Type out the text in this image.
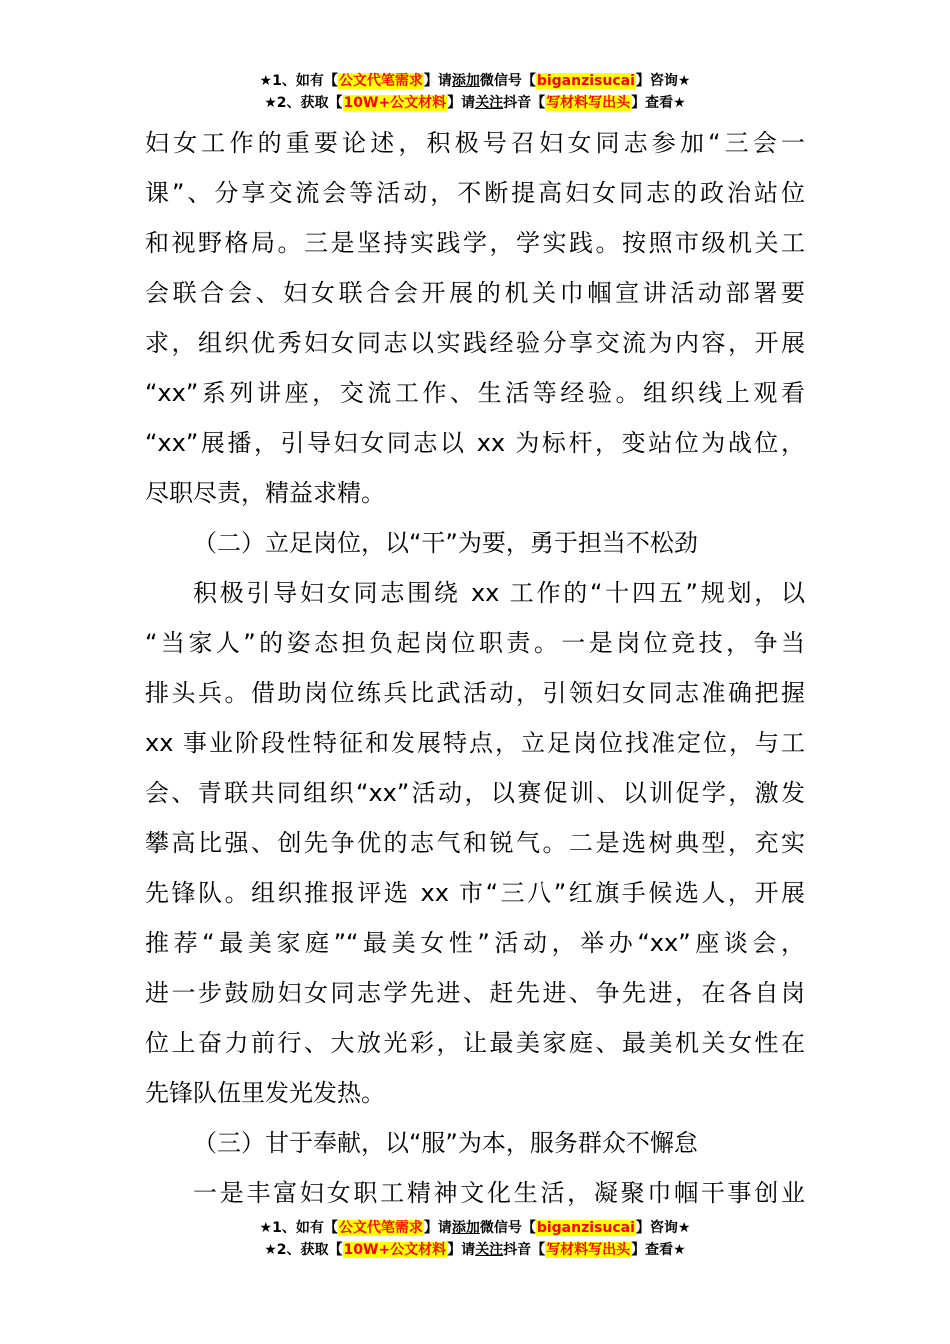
★1、如有【公文代笔需求】请添加微信号【biganzisucai】咨询★
★2、获取【10W+公文材料】请关注抖音【写材料写出头】查看★
妇女工作的重要论述，积极号召妇女同志参加“三会一
课”、分享交流会等活动，不断提高妇女同志的政治站位
和视野格局。三是坚持实践学，学实践。按照市级机关工
会联合会、妇女联合会开展的机关巾帼宣讲活动部署要
求，组织优秀妇女同志以实践经验分享交流为内容，开展
“xx”系列讲座，交流工作、生活等经验。组织线上观看
“xx”展播，引导妇女同志以 xx 为标杆，变站位为战位，
尽职尽责，精益求精。
（二）立足岗位，以“干”为要，勇于担当不松劲
积极引导妇女同志围绕 xx 工作的“十四五”规划，以
“当家人”的姿态担负起岗位职责。一是岗位竞技，争当
排头兵。借助岗位练兵比武活动，引领妇女同志准确把握
xx 事业阶段性特征和发展特点，立足岗位找准定位，与工
会、青联共同组织“xx”活动，以赛促训、以训促学，激发
攀高比强、创先争优的志气和锐气。二是选树典型，充实
先锋队。组织推报评选 xx 市“三八”红旗手候选人，开展
推荐“最美家庭”“最美女性”活动，举办“xx”座谈会，
进一步鼓励妇女同志学先进、赶先进、争先进，在各自岗
位上奋力前行、大放光彩，让最美家庭、最美机关女性在
先锋队伍里发光发热。
（三）甘于奉献，以“服”为本，服务群众不懈怠
一是丰富妇女职工精神文化生活，凝聚巾帼干事创业
★1、如有【公文代笔需求】请添加微信号【biganzisucai】咨询★
★2、获取【10W+公文材料】请关注抖音【写材料写出头】查看★
